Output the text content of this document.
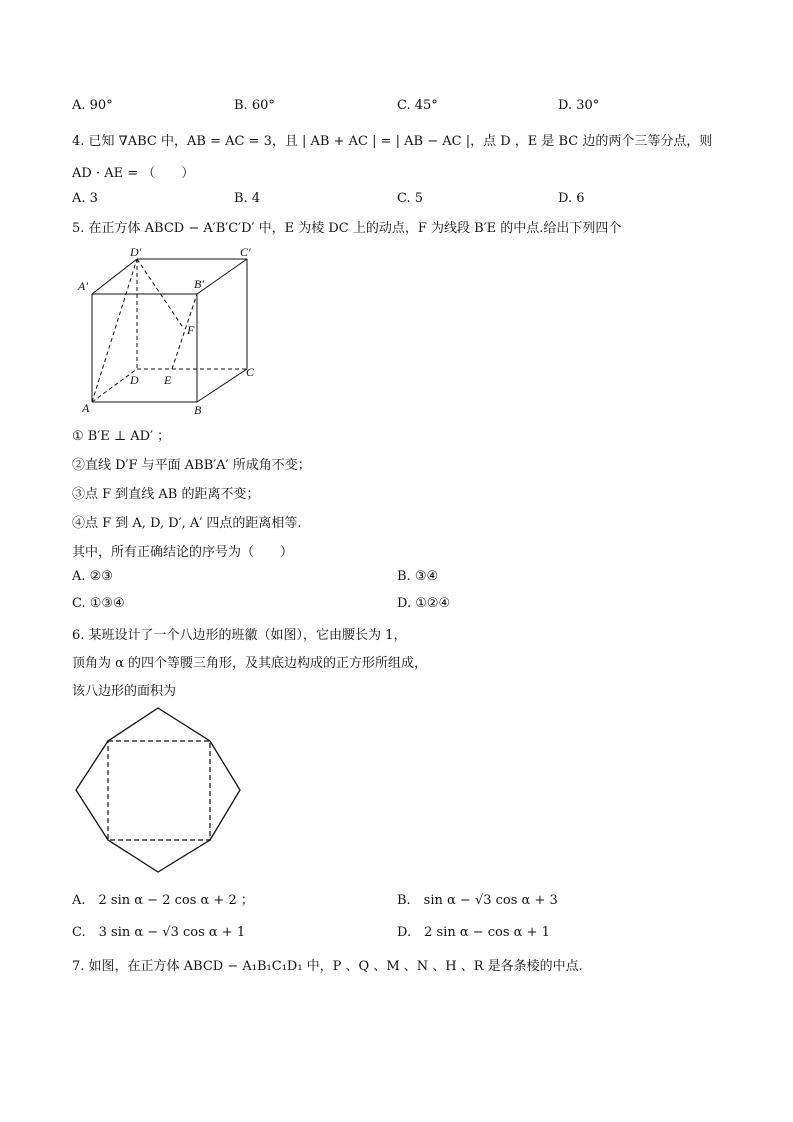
A. 90°	B. 60°	C. 45°	D. 30°
4. 已知 ∇ABC 中，AB = AC = 3，且 | AB + AC | = | AB − AC |，点 D ，E 是 BC 边的两个三等分点，则
AD · AE = （　　）
A. 3	B. 4	C. 5	D. 6
5. 在正方体 ABCD − A′B′C′D′ 中，E 为棱 DC 上的动点，F 为线段 B′E 的中点.给出下列四个
D′	C′
A′	B′
F
D E
C
A	B
① B′E ⊥ AD′ ；
②直线 D′F 与平面 ABB′A′ 所成角不变；
③点 F 到直线 AB 的距离不变；
④点 F 到 A, D, D′, A′ 四点的距离相等.
其中，所有正确结论的序号为（　　）
A. ②③	B. ③④
C. ①③④	D. ①②④
6. 某班设计了一个八边形的班徽（如图），它由腰长为 1，
顶角为 α 的四个等腰三角形，及其底边构成的正方形所组成，
该八边形的面积为
A.　2 sin α − 2 cos α + 2 ；	B.　sin α − √3 cos α + 3
C.　3 sin α − √3 cos α + 1	D.　2 sin α − cos α + 1
7. 如图，在正方体 ABCD − A₁B₁C₁D₁ 中，P 、Q 、M 、N 、H 、R 是各条棱的中点.
